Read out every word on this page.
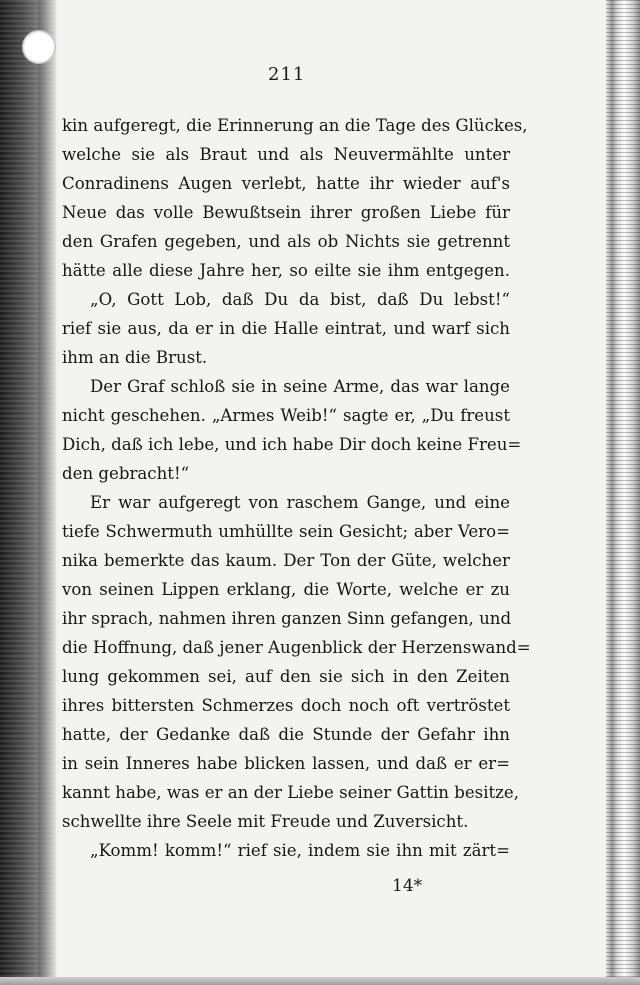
211
kin aufgeregt, die Erinnerung an die Tage des Glückes,
welche sie als Braut und als Neuvermählte unter
Conradinens Augen verlebt, hatte ihr wieder auf's
Neue das volle Bewußtsein ihrer großen Liebe für
den Grafen gegeben, und als ob Nichts sie getrennt
hätte alle diese Jahre her, so eilte sie ihm entgegen.
„O, Gott Lob, daß Du da bist, daß Du lebst!“
rief sie aus, da er in die Halle eintrat, und warf sich
ihm an die Brust.
Der Graf schloß sie in seine Arme, das war lange
nicht geschehen. „Armes Weib!“ sagte er, „Du freust
Dich, daß ich lebe, und ich habe Dir doch keine Freu=
den gebracht!“
Er war aufgeregt von raschem Gange, und eine
tiefe Schwermuth umhüllte sein Gesicht; aber Vero=
nika bemerkte das kaum. Der Ton der Güte, welcher
von seinen Lippen erklang, die Worte, welche er zu
ihr sprach, nahmen ihren ganzen Sinn gefangen, und
die Hoffnung, daß jener Augenblick der Herzenswand=
lung gekommen sei, auf den sie sich in den Zeiten
ihres bittersten Schmerzes doch noch oft vertröstet
hatte, der Gedanke daß die Stunde der Gefahr ihn
in sein Inneres habe blicken lassen, und daß er er=
kannt habe, was er an der Liebe seiner Gattin besitze,
schwellte ihre Seele mit Freude und Zuversicht.
„Komm! komm!“ rief sie, indem sie ihn mit zärt=
14*
